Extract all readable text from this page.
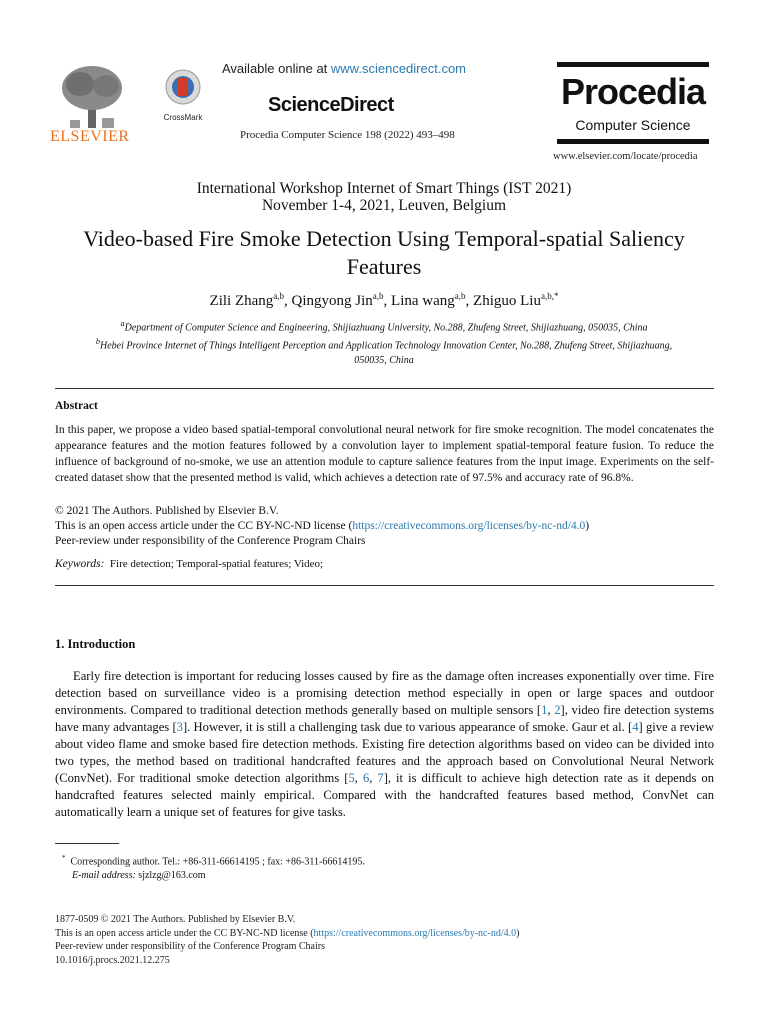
ELSEVIER
CrossMark
Available online at www.sciencedirect.com
ScienceDirect
Procedia Computer Science 198 (2022) 493–498
Procedia
Computer Science
www.elsevier.com/locate/procedia
International Workshop Internet of Smart Things (IST 2021)
November 1-4, 2021, Leuven, Belgium
Video-based Fire Smoke Detection Using Temporal-spatial Saliency
Features
Zili Zhang$^{a,b}$, Qingyong Jin$^{a,b}$, Lina wang$^{a,b}$, Zhiguo Liu$^{a,b,*}$
$^a$Department of Computer Science and Engineering, Shijiazhuang University, No.288, Zhufeng Street, Shijiazhuang, 050035, China
$^b$Hebei Province Internet of Things Intelligent Perception and Application Technology Innovation Center, No.288, Zhufeng Street, Shijiazhuang,
050035, China
Abstract
In this paper, we propose a video based spatial-temporal convolutional neural network for fire smoke recognition. The model concatenates the appearance features and the motion features followed by a convolution layer to implement spatial-temporal feature fusion. To reduce the influence of background of no-smoke, we use an attention module to capture salience features from the input image. Experiments on the self-created dataset show that the presented method is valid, which achieves a detection rate of 97.5% and accuracy rate of 96.8%.
© 2021 The Authors. Published by Elsevier B.V.
This is an open access article under the CC BY-NC-ND license (https://creativecommons.org/licenses/by-nc-nd/4.0)
Peer-review under responsibility of the Conference Program Chairs
Keywords: Fire detection; Temporal-spatial features; Video;
1. Introduction
Early fire detection is important for reducing losses caused by fire as the damage often increases exponentially over time. Fire detection based on surveillance video is a promising detection method especially in open or large spaces and outdoor environments. Compared to traditional detection methods generally based on multiple sensors [1, 2], video fire detection systems have many advantages [3]. However, it is still a challenging task due to various appearance of smoke. Gaur et al. [4] give a review about video flame and smoke based fire detection methods. Existing fire detection algorithms based on video can be divided into two types, the method based on traditional handcrafted features and the approach based on Convolutional Neural Network (ConvNet). For traditional smoke detection algorithms [5, 6, 7], it is difficult to achieve high detection rate as it depends on handcrafted features selected mainly empirical. Compared with the handcrafted features based method, ConvNet can automatically learn a unique set of features for give tasks.
* Corresponding author. Tel.: +86-311-66614195 ; fax: +86-311-66614195.
E-mail address: sjzlzg@163.com
1877-0509 © 2021 The Authors. Published by Elsevier B.V.
This is an open access article under the CC BY-NC-ND license (https://creativecommons.org/licenses/by-nc-nd/4.0)
Peer-review under responsibility of the Conference Program Chairs
10.1016/j.procs.2021.12.275
